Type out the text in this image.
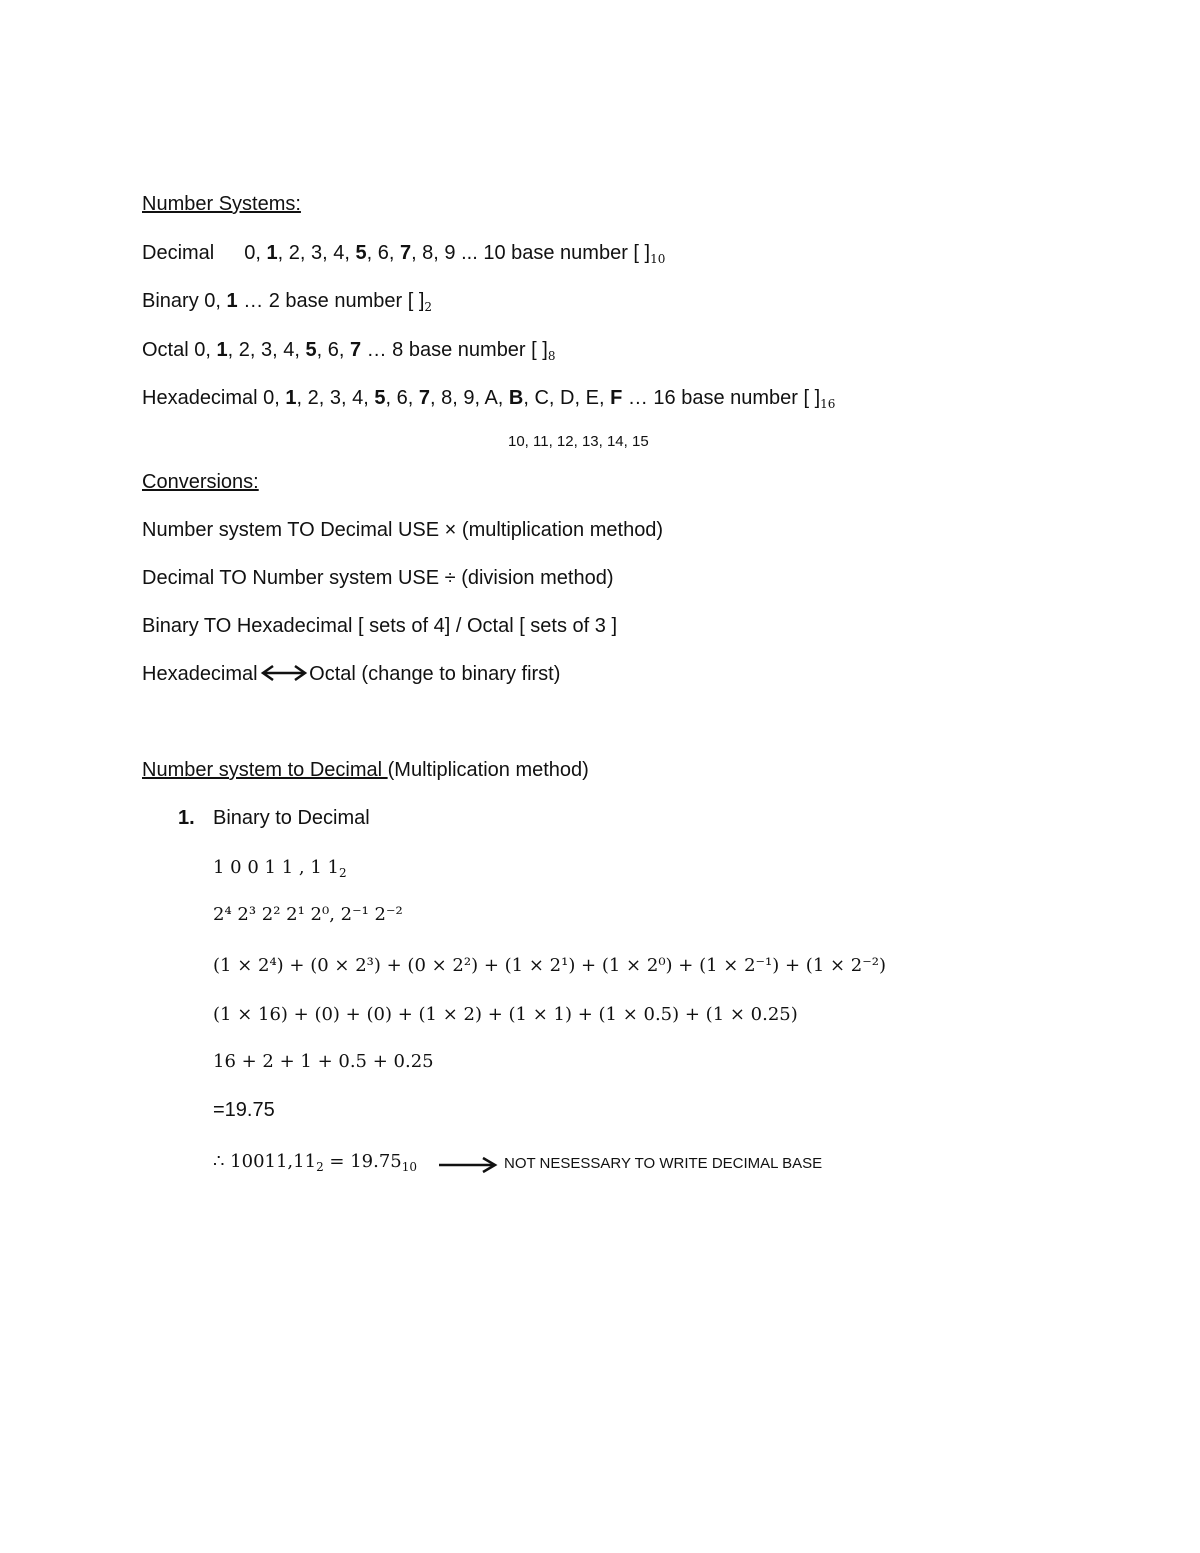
Number Systems:
Decimal 0, 1, 2, 3, 4, 5, 6, 7, 8, 9 ... 10 base number [ ]$_{10}$
Binary 0, 1 … 2 base number [ ]$_2$
Octal 0, 1, 2, 3, 4, 5, 6, 7 … 8 base number [ ]$_8$
Hexadecimal 0, 1, 2, 3, 4, 5, 6, 7, 8, 9, A, B, C, D, E, F … 16 base number [ ]$_{16}$
10, 11, 12, 13, 14, 15
Conversions:
Number system TO Decimal USE × (multiplication method)
Decimal TO Number system USE ÷ (division method)
Binary TO Hexadecimal [ sets of 4] / Octal [ sets of 3 ]
Hexadecimal Octal (change to binary first)
Number system to Decimal (Multiplication method)
1. Binary to Decimal
1 0 0 1 1 , 1 $1_2$
2⁴ 2³ 2² 2¹ 2⁰, 2⁻¹ 2⁻²
(1 × 2⁴) + (0 × 2³) + (0 × 2²) + (1 × 2¹) + (1 × 2⁰) + (1 × 2⁻¹) + (1 × 2⁻²)
(1 × 16) + (0) + (0) + (1 × 2) + (1 × 1) + (1 × 0.5) + (1 × 0.25)
16 + 2 + 1 + 0.5 + 0.25
=19.75
∴ $10011,11_2 = 19.75_{10}$	NOT NESESSARY TO WRITE DECIMAL BASE
